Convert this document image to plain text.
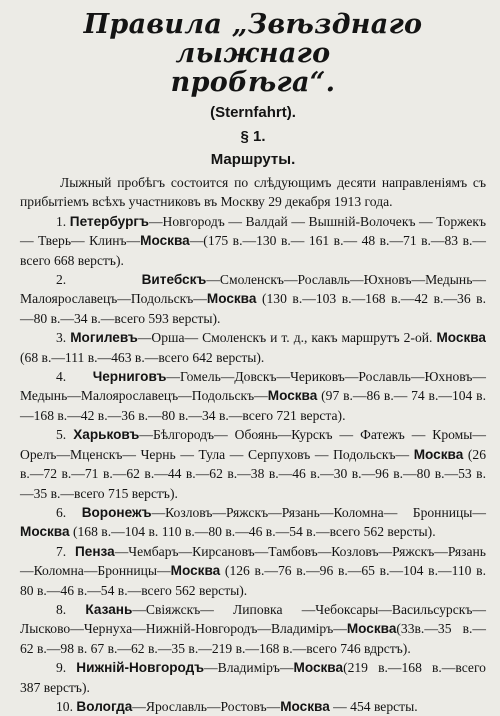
Правила „Звѣзднаго лыжнаго
пробѣга“.
(Sternfahrt).
§ 1.
Маршруты.

Лыжный пробѣгъ состоится по слѣдующимъ десяти направленіямъ съ прибытіемъ всѣхъ участниковъ въ Москву 29 декабря 1913 года.

1. Петербургъ—Новгородъ — Валдай — Вышній-Волочекъ — Торжекъ — Тверь— Клинъ—Москва—(175 в.—130 в.— 161 в.— 48 в.—71 в.—83 в.—всего 668 верстъ).

2.	Витебскъ—Смоленскъ—Рославль—Юхновъ—Медынь—Малоярославецъ—Подольскъ—Москва (130 в.—103 в.—168 в.—42 в.—36 в.—80 в.—34 в.—всего 593 версты).

3. Могилевъ—Орша— Смоленскъ и т. д., какъ маршрутъ 2-ой. Москва (68 в.—111 в.—463 в.—всего 642 версты).

4. Черниговъ—Гомель—Довскъ—Чериковъ—Рославль—Юхновъ—Медынь—Малоярославецъ—Подольскъ—Москва (97 в.—86 в.— 74 в.—104 в.—168 в.—42 в.—36 в.—80 в.—34 в.—всего 721 верста).

5. Харьковъ—Бѣлгородъ— Обоянь—Курскъ — Фатежъ — Кромы—Орелъ—Мценскъ— Чернь — Тула — Серпуховъ — Подольскъ— Москва (26 в.—72 в.—71 в.—62 в.—44 в.—62 в.—38 в.—46 в.—30 в.—96 в.—80 в.—53 в.—35 в.—всего 715 верстъ).

6. Воронежъ—Козловъ—Ряжскъ—Рязань—Коломна— Бронницы—Москва (168 в.—104 в. 110 в.—80 в.—46 в.—54 в.—всего 562 версты).

7. Пенза—Чембаръ—Кирсановъ—Тамбовъ—Козловъ—Ряжскъ—Рязань—Коломна—Бронницы—Москва (126 в.—76 в.—96 в.—65 в.—104 в.—110 в. 80 в.—46 в.—54 в.—всего 562 версты).

8. Казань—Свіяжскъ— Липовка —Чебоксары—Васильсурскъ—Лысково—Чернуха—Нижній-Новгородъ—Владиміръ—Москва(33в.—35 в.—62 в.—98 в. 67 в.—62 в.—35 в.—219 в.—168 в.—всего 746 вдрстъ).

9. Нижній-Новгородъ—Владиміръ—Москва(219 в.—168 в.—всего 387 верстъ).

10. Вологда—Ярославль—Ростовъ—Москва — 454 версты.
